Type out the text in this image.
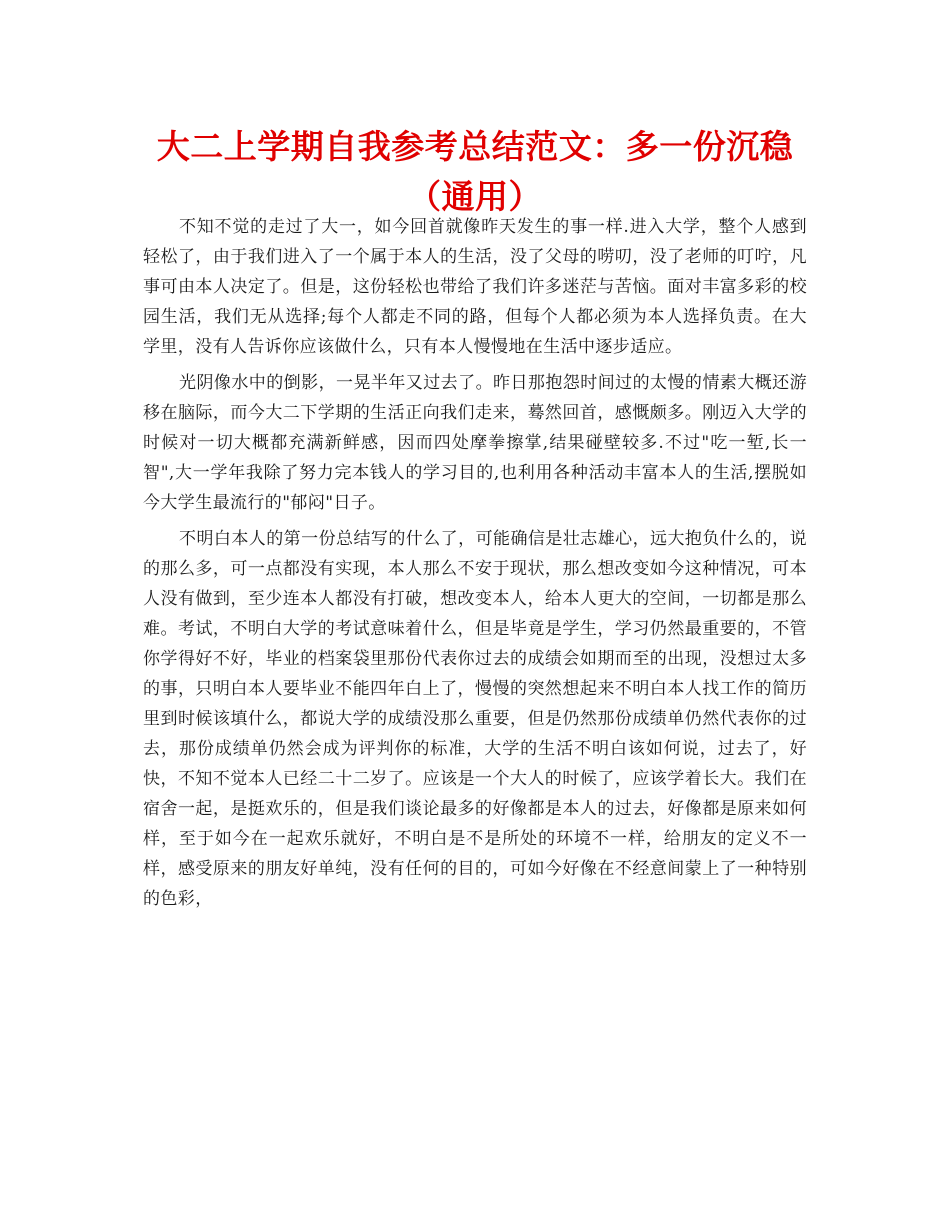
大二上学期自我参考总结范文：多一份沉稳（通用）

不知不觉的走过了大一，如今回首就像昨天发生的事一样.进入大学，整个人感到轻松了，由于我们进入了一个属于本人的生活，没了父母的唠叨，没了老师的叮咛，凡事可由本人决定了。但是，这份轻松也带给了我们许多迷茫与苦恼。面对丰富多彩的校园生活，我们无从选择;每个人都走不同的路，但每个人都必须为本人选择负责。在大学里，没有人告诉你应该做什么，只有本人慢慢地在生活中逐步适应。

光阴像水中的倒影，一晃半年又过去了。昨日那抱怨时间过的太慢的情素大概还游移在脑际，而今大二下学期的生活正向我们走来，蓦然回首，感慨颇多。刚迈入大学的时候对一切大概都充满新鲜感，因而四处摩拳擦掌,结果碰壁较多.不过"吃一堑,长一智",大一学年我除了努力完本钱人的学习目的,也利用各种活动丰富本人的生活,摆脱如今大学生最流行的"郁闷"日子。

不明白本人的第一份总结写的什么了，可能确信是壮志雄心，远大抱负什么的，说的那么多，可一点都没有实现，本人那么不安于现状，那么想改变如今这种情况，可本人没有做到，至少连本人都没有打破，想改变本人，给本人更大的空间，一切都是那么难。考试，不明白大学的考试意味着什么，但是毕竟是学生，学习仍然最重要的，不管你学得好不好，毕业的档案袋里那份代表你过去的成绩会如期而至的出现，没想过太多的事，只明白本人要毕业不能四年白上了，慢慢的突然想起来不明白本人找工作的简历里到时候该填什么，都说大学的成绩没那么重要，但是仍然那份成绩单仍然代表你的过去，那份成绩单仍然会成为评判你的标准，大学的生活不明白该如何说，过去了，好快，不知不觉本人已经二十二岁了。应该是一个大人的时候了，应该学着长大。我们在宿舍一起，是挺欢乐的，但是我们谈论最多的好像都是本人的过去，好像都是原来如何样，至于如今在一起欢乐就好，不明白是不是所处的环境不一样，给朋友的定义不一样，感受原来的朋友好单纯，没有任何的目的，可如今好像在不经意间蒙上了一种特别的色彩，
